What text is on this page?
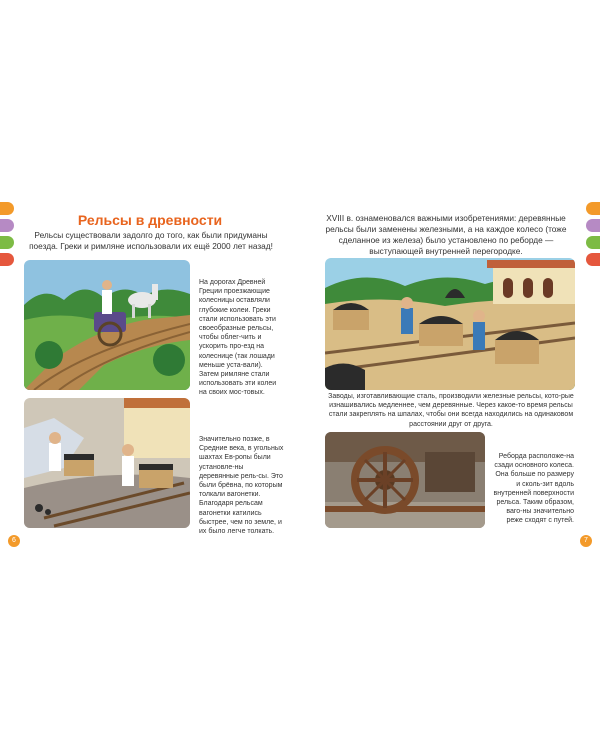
Рельсы в древности
Рельсы существовали задолго до того, как были придуманы поезда. Греки и римляне использовали их ещё 2000 лет назад!
На дорогах Древней Греции проезжающие колесницы оставляли глубокие колеи. Греки стали использовать эти своеобразные рельсы, чтобы облег-чить и ускорить про-езд на колеснице (так лошади меньше уста-вали). Затем римляне стали использовать эти колеи на своих мос-товых.
Значительно позже, в Средние века, в угольных шахтах Ев-ропы были установле-ны деревянные рель-сы. Это были брёвна, по которым толкали вагонетки. Благодаря рельсам вагонетки катились быстрее, чем по земле, и их было легче толкать.
6
XVIII в. ознаменовался важными изобретениями: деревянные рельсы были заменены железными, а на каждое колесо (тоже сделанное из железа) было установлено по реборде — выступающей внутренней перегородке.
Заводы, изготавливающие сталь, производили железные рельсы, кото-рые изнашивались медленнее, чем деревянные. Через какое-то время рельсы стали закреплять на шпалах, чтобы они всегда находились на одинаковом расстоянии друг от друга.
Реборда расположе-на сзади основного колеса. Она больше по размеру и сколь-зит вдоль внутренней поверхности рельса. Таким образом, ваго-ны значительно реже сходят с путей.
7
